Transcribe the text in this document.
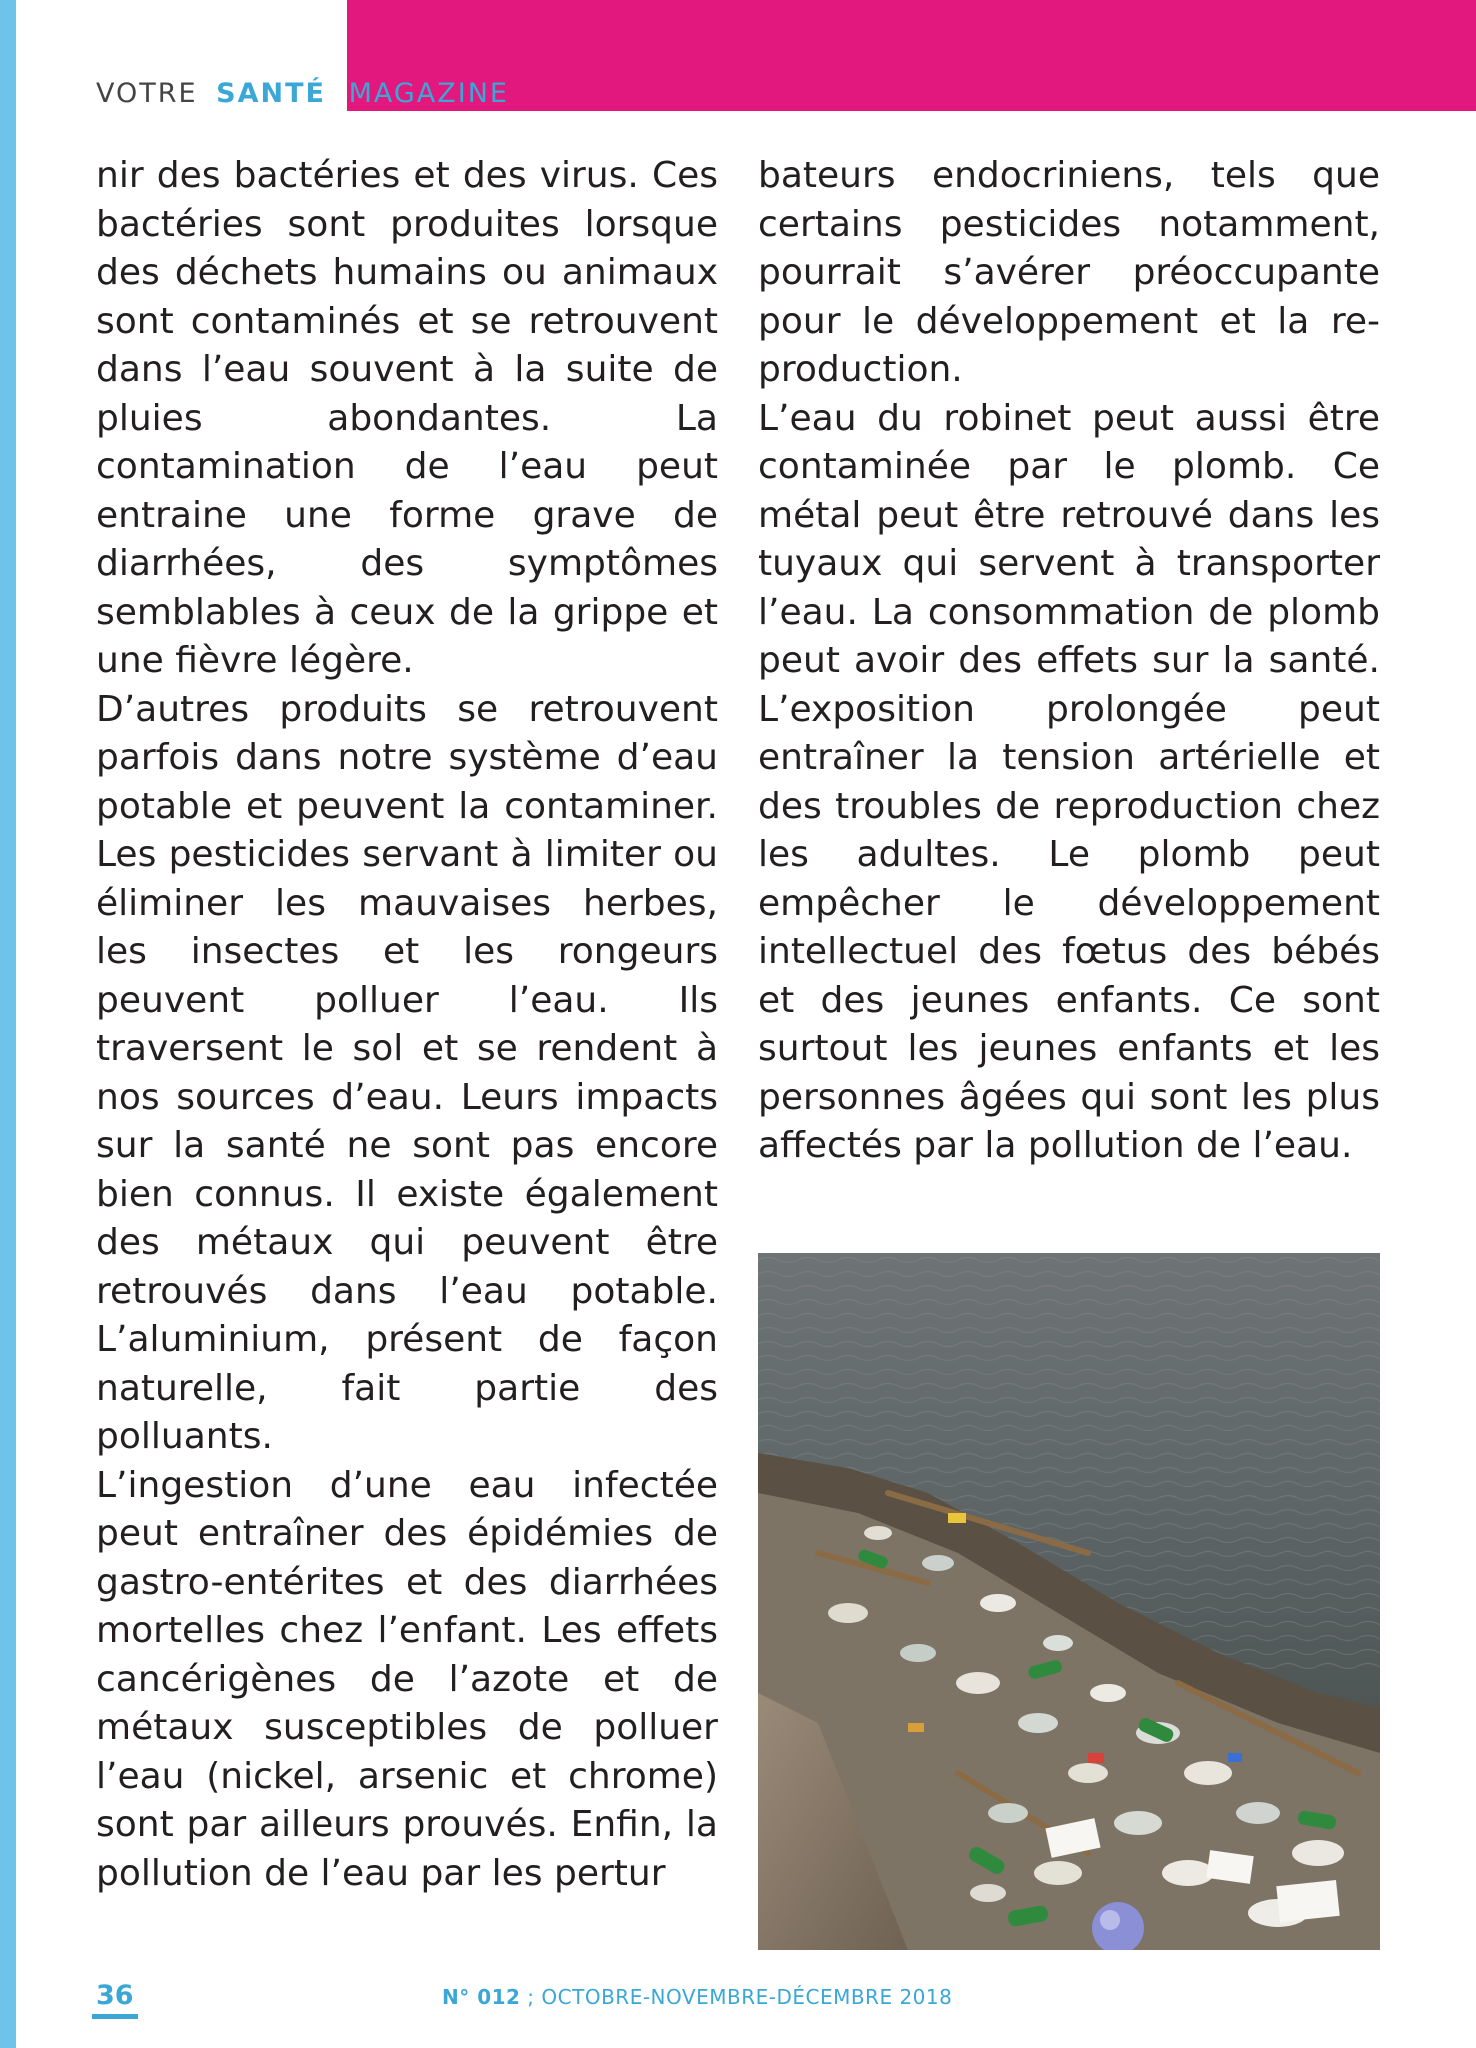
VOTRE SANTÉ MAGAZINE

nir des bactéries et des virus. Ces bactéries sont produites lorsque des déchets humains ou animaux sont contaminés et se retrouvent dans l’eau souvent à la suite de pluies abondantes. La contamination de l’eau peut entraine une forme grave de diarrhées, des symptômes semblables à ceux de la grippe et une fièvre légère.

D’autres produits se retrouvent parfois dans notre système d’eau potable et peuvent la contaminer. Les pesticides servant à limiter ou éliminer les mauvaises herbes, les insectes et les rongeurs peuvent polluer l’eau. Ils traversent le sol et se rendent à nos sources d’eau. Leurs impacts sur la santé ne sont pas encore bien connus. Il existe également des métaux qui peuvent être retrouvés dans l’eau potable. L’aluminium, présent de façon naturelle, fait partie des polluants.

L’ingestion d’une eau infectée peut entraîner des épidémies de gastro-entérites et des diarrhées mortelles chez l’enfant. Les effets cancérigènes de l’azote et de métaux susceptibles de polluer l’eau (nickel, arsenic et chrome) sont par ailleurs prouvés. Enfin, la pollution de l’eau par les pertur

bateurs endocriniens, tels que certains pesticides notamment, pourrait s’avérer préoccupante pour le développement et la reproduction.

L’eau du robinet peut aussi être contaminée par le plomb. Ce métal peut être retrouvé dans les tuyaux qui servent à transporter l’eau. La consommation de plomb peut avoir des effets sur la santé. L’exposition prolongée peut entraîner la tension artérielle et des troubles de reproduction chez les adultes. Le plomb peut empêcher le développement intellectuel des fœtus des bébés et des jeunes enfants. Ce sont surtout les jeunes enfants et les personnes âgées qui sont les plus affectés par la pollution de l’eau.

36	N° 012 ; OCTOBRE-NOVEMBRE-DÉCEMBRE 2018
